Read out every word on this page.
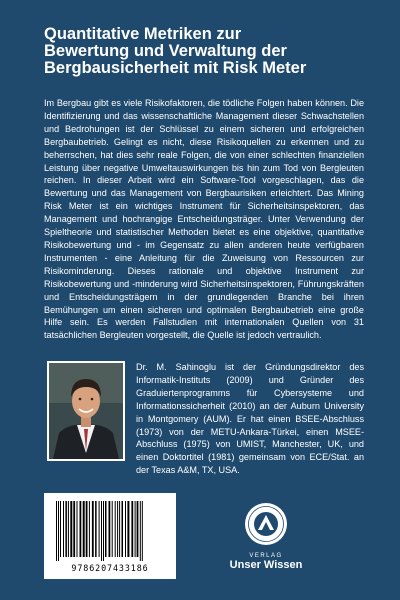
Quantitative Metriken zur
Bewertung und Verwaltung der
Bergbausicherheit mit Risk Meter

Im Bergbau gibt es viele Risikofaktoren, die tödliche Folgen haben können. Die Identifizierung und das wissenschaftliche Management dieser Schwachstellen und Bedrohungen ist der Schlüssel zu einem sicheren und erfolgreichen Bergbaubetrieb. Gelingt es nicht, diese Risikoquellen zu erkennen und zu beherrschen, hat dies sehr reale Folgen, die von einer schlechten finanziellen Leistung über negative Umweltauswirkungen bis hin zum Tod von Bergleuten reichen. In dieser Arbeit wird ein Software-Tool vorgeschlagen, das die Bewertung und das Management von Bergbaurisiken erleichtert. Das Mining Risk Meter ist ein wichtiges Instrument für Sicherheitsinspektoren, das Management und hochrangige Entscheidungsträger. Unter Verwendung der Spieltheorie und statistischer Methoden bietet es eine objektive, quantitative Risikobewertung und - im Gegensatz zu allen anderen heute verfügbaren Instrumenten - eine Anleitung für die Zuweisung von Ressourcen zur Risikominderung. Dieses rationale und objektive Instrument zur Risikobewertung und -minderung wird Sicherheitsinspektoren, Führungskräften und Entscheidungsträgern in der grundlegenden Branche bei ihren Bemühungen um einen sicheren und optimalen Bergbaubetrieb eine große Hilfe sein. Es werden Fallstudien mit internationalen Quellen von 31 tatsächlichen Bergleuten vorgestellt, die Quelle ist jedoch vertraulich.

Dr. M. Sahinoglu ist der Gründungsdirektor des Informatik-Instituts (2009) und Gründer des Graduiertenprogramms für Cybersysteme und Informationssicherheit (2010) an der Auburn University in Montgomery (AUM). Er hat einen BSEE-Abschluss (1973) von der METU-Ankara-Türkei, einen MSEE-Abschluss (1975) von UMIST, Manchester, UK, und einen Doktortitel (1981) gemeinsam von ECE/Stat. an der Texas A&M, TX, USA.

9786207433186
VERLAG
Unser Wissen
